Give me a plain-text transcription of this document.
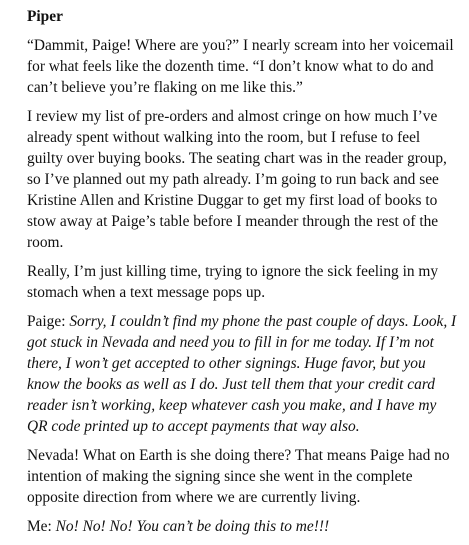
Piper

“Dammit, Paige! Where are you?” I nearly scream into her voicemail for what feels like the dozenth time. “I don’t know what to do and can’t believe you’re flaking on me like this.”

I review my list of pre-orders and almost cringe on how much I’ve already spent without walking into the room, but I refuse to feel guilty over buying books. The seating chart was in the reader group, so I’ve planned out my path already. I’m going to run back and see Kristine Allen and Kristine Duggar to get my first load of books to stow away at Paige’s table before I meander through the rest of the room.

Really, I’m just killing time, trying to ignore the sick feeling in my stomach when a text message pops up.

Paige: Sorry, I couldn’t find my phone the past couple of days. Look, I got stuck in Nevada and need you to fill in for me today. If I’m not there, I won’t get accepted to other signings. Huge favor, but you know the books as well as I do. Just tell them that your credit card reader isn’t working, keep whatever cash you make, and I have my QR code printed up to accept payments that way also.

Nevada! What on Earth is she doing there? That means Paige had no intention of making the signing since she went in the complete opposite direction from where we are currently living.

Me: No! No! No! You can’t be doing this to me!!!
